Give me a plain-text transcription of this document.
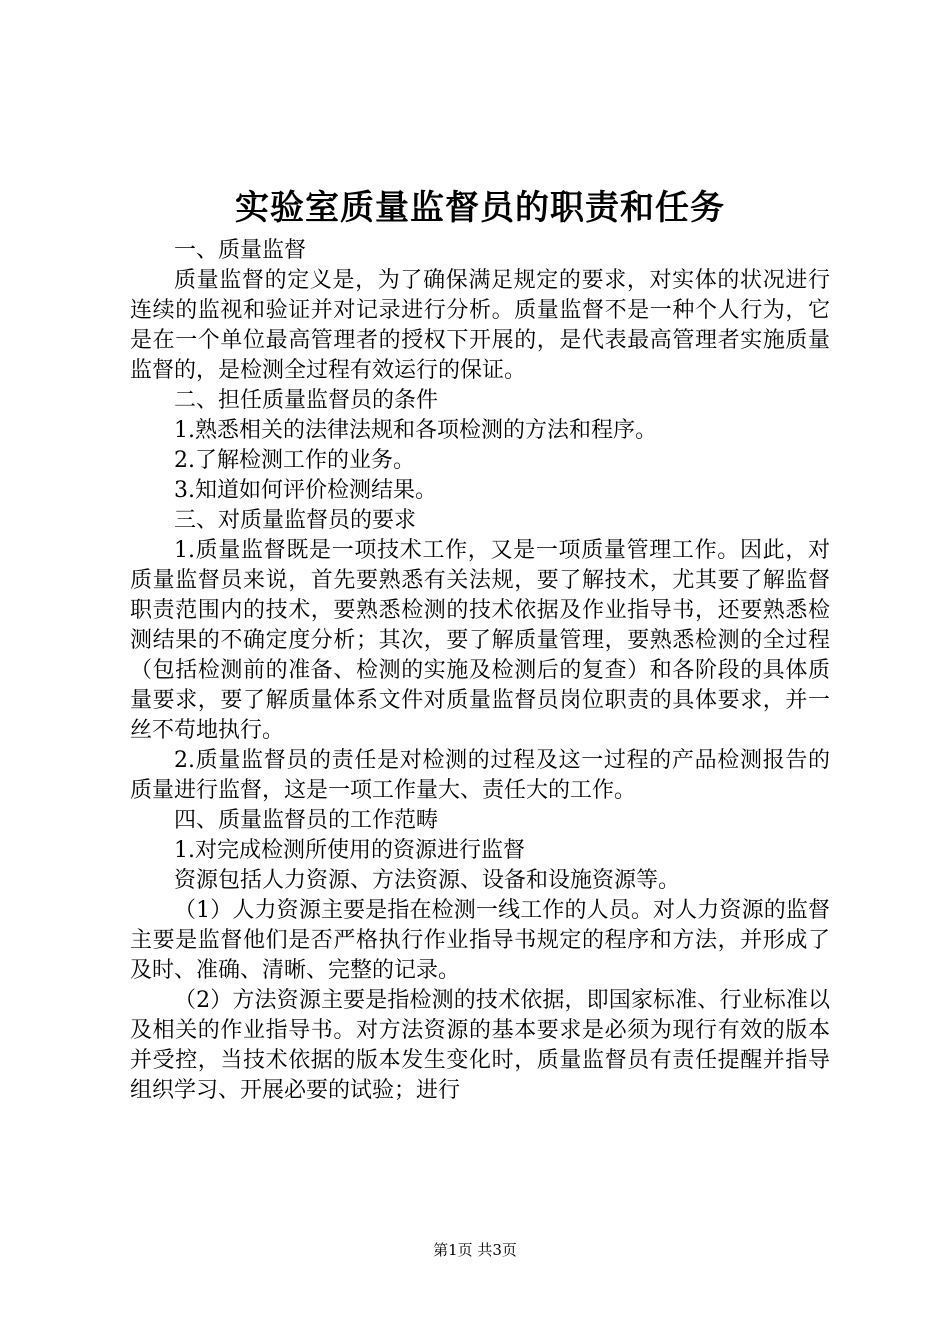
实验室质量监督员的职责和任务

一、质量监督

质量监督的定义是，为了确保满足规定的要求，对实体的状况进行连续的监视和验证并对记录进行分析。质量监督不是一种个人行为，它是在一个单位最高管理者的授权下开展的，是代表最高管理者实施质量监督的，是检测全过程有效运行的保证。

二、担任质量监督员的条件

1.熟悉相关的法律法规和各项检测的方法和程序。

2.了解检测工作的业务。

3.知道如何评价检测结果。

三、对质量监督员的要求

1.质量监督既是一项技术工作，又是一项质量管理工作。因此，对质量监督员来说，首先要熟悉有关法规，要了解技术，尤其要了解监督职责范围内的技术，要熟悉检测的技术依据及作业指导书，还要熟悉检测结果的不确定度分析；其次，要了解质量管理，要熟悉检测的全过程（包括检测前的准备、检测的实施及检测后的复查）和各阶段的具体质量要求，要了解质量体系文件对质量监督员岗位职责的具体要求，并一丝不苟地执行。

2.质量监督员的责任是对检测的过程及这一过程的产品检测报告的质量进行监督，这是一项工作量大、责任大的工作。

四、质量监督员的工作范畴

1.对完成检测所使用的资源进行监督

资源包括人力资源、方法资源、设备和设施资源等。

（1）人力资源主要是指在检测一线工作的人员。对人力资源的监督主要是监督他们是否严格执行作业指导书规定的程序和方法，并形成了及时、准确、清晰、完整的记录。

（2）方法资源主要是指检测的技术依据，即国家标准、行业标准以及相关的作业指导书。对方法资源的基本要求是必须为现行有效的版本并受控，当技术依据的版本发生变化时，质量监督员有责任提醒并指导组织学习、开展必要的试验；进行

第1页 共3页
